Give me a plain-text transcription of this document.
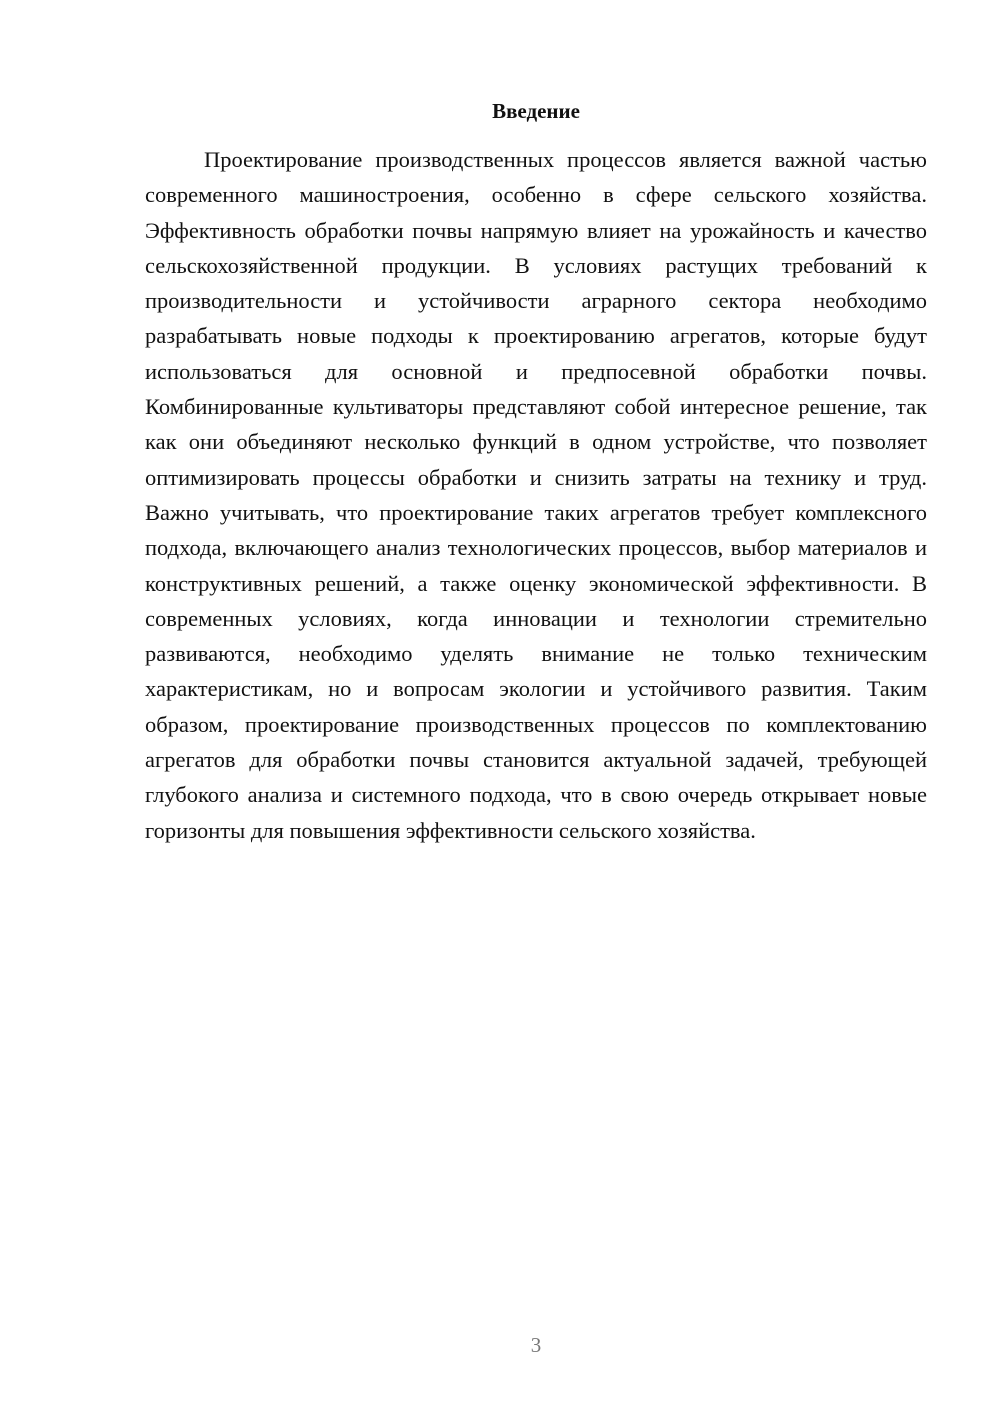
Введение

Проектирование производственных процессов является важной частью современного машиностроения, особенно в сфере сельского хозяйства. Эффективность обработки почвы напрямую влияет на урожайность и качество сельскохозяйственной продукции. В условиях растущих требований к производительности и устойчивости аграрного сектора необходимо разрабатывать новые подходы к проектированию агрегатов, которые будут использоваться для основной и предпосевной обработки почвы. Комбинированные культиваторы представляют собой интересное решение, так как они объединяют несколько функций в одном устройстве, что позволяет оптимизировать процессы обработки и снизить затраты на технику и труд. Важно учитывать, что проектирование таких агрегатов требует комплексного подхода, включающего анализ технологических процессов, выбор материалов и конструктивных решений, а также оценку экономической эффективности. В современных условиях, когда инновации и технологии стремительно развиваются, необходимо уделять внимание не только техническим характеристикам, но и вопросам экологии и устойчивого развития. Таким образом, проектирование производственных процессов по комплектованию агрегатов для обработки почвы становится актуальной задачей, требующей глубокого анализа и системного подхода, что в свою очередь открывает новые горизонты для повышения эффективности сельского хозяйства.

3
